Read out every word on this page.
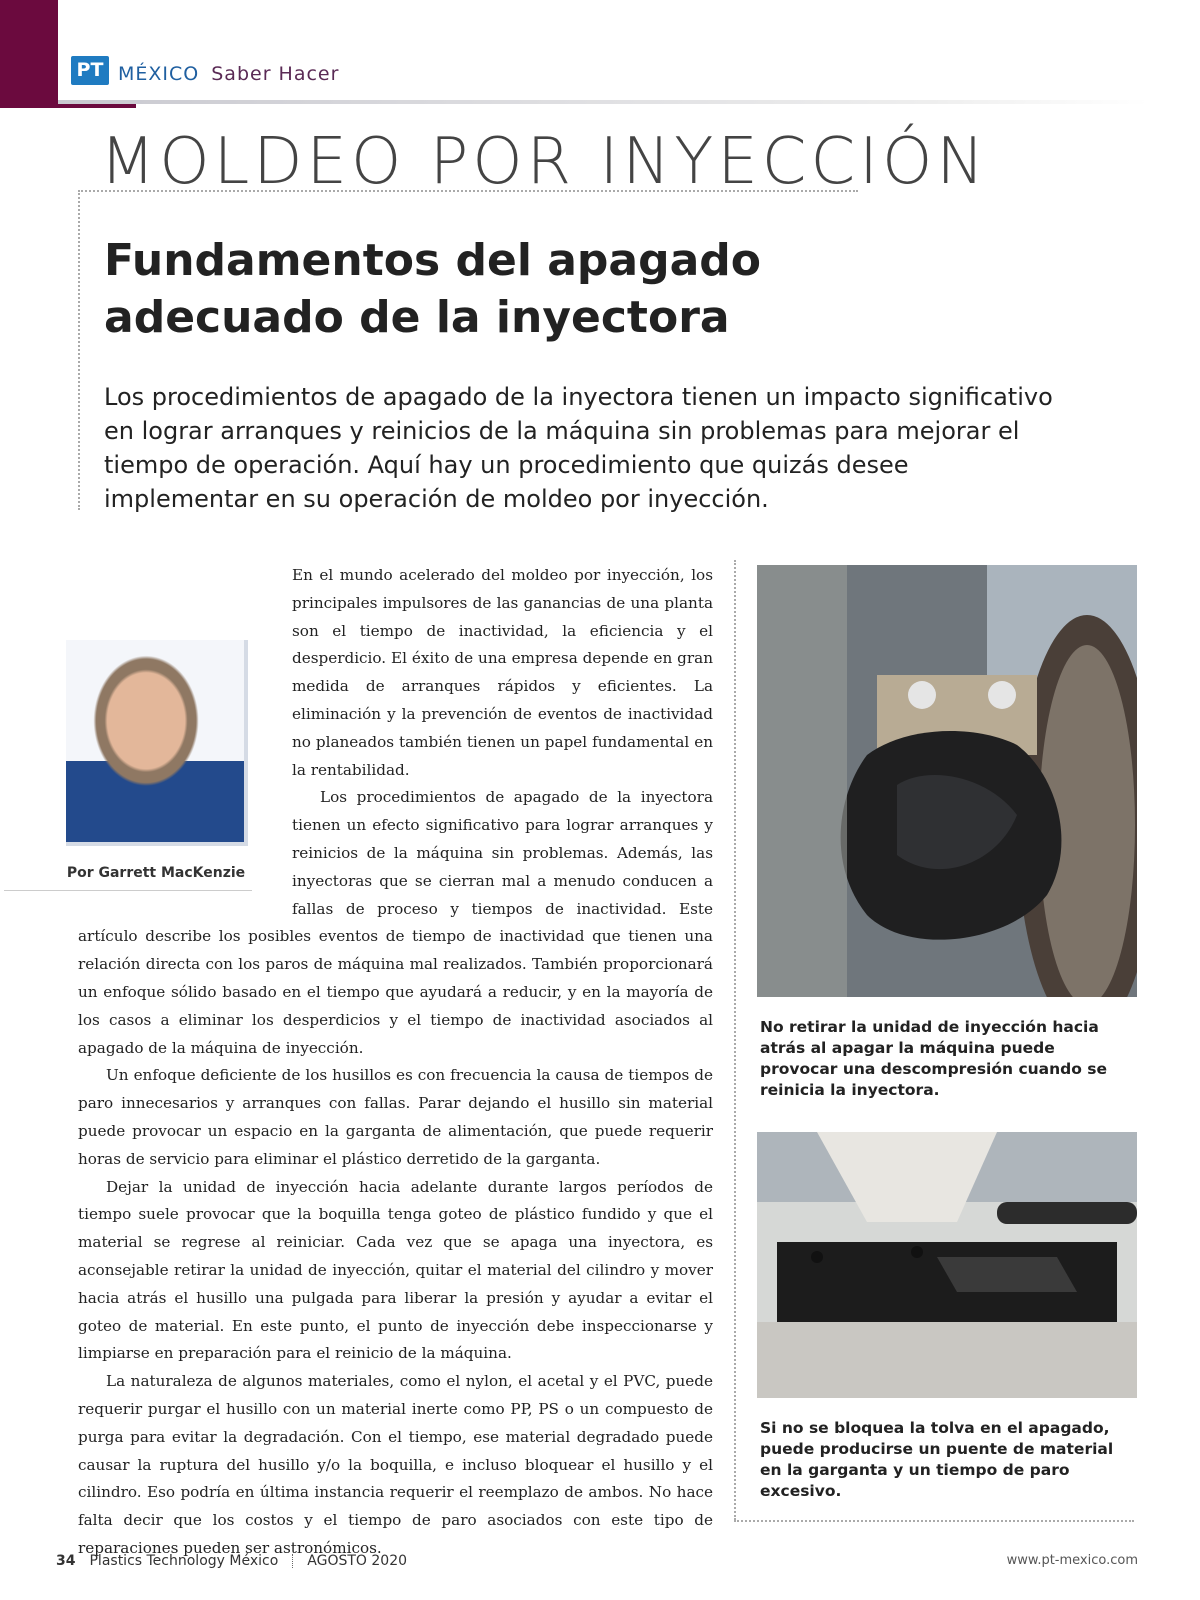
PT MÉXICO Saber Hacer
MOLDEO POR INYECCIÓN
Fundamentos del apagado adecuado de la inyectora
Los procedimientos de apagado de la inyectora tienen un impacto significativo en lograr arranques y reinicios de la máquina sin problemas para mejorar el tiempo de operación. Aquí hay un procedimiento que quizás desee implementar en su operación de moldeo por inyección.

Por Garrett MacKenzie
En el mundo acelerado del moldeo por inyección, los principales impulsores de las ganancias de una planta son el tiempo de inactividad, la eficiencia y el desperdicio. El éxito de una empresa depende en gran medida de arranques rápidos y eficientes. La eliminación y la prevención de eventos de inactividad no planeados también tienen un papel fundamental en la rentabilidad.

Los procedimientos de apagado de la inyectora tienen un efecto significativo para lograr arranques y reinicios de la máquina sin problemas. Además, las inyectoras que se cierran mal a menudo conducen a fallas de proceso y tiempos de inactividad. Este artículo describe los posibles eventos de tiempo de inactividad que tienen una relación directa con los paros de máquina mal realizados. También proporcionará un enfoque sólido basado en el tiempo que ayudará a reducir, y en la mayoría de los casos a eliminar los desperdicios y el tiempo de inactividad asociados al apagado de la máquina de inyección.

Un enfoque deficiente de los husillos es con frecuencia la causa de tiempos de paro innecesarios y arranques con fallas. Parar dejando el husillo sin material puede provocar un espacio en la garganta de alimentación, que puede requerir horas de servicio para eliminar el plástico derretido de la garganta.

Dejar la unidad de inyección hacia adelante durante largos períodos de tiempo suele provocar que la boquilla tenga goteo de plástico fundido y que el material se regrese al reiniciar. Cada vez que se apaga una inyectora, es aconsejable retirar la unidad de inyección, quitar el material del cilindro y mover hacia atrás el husillo una pulgada para liberar la presión y ayudar a evitar el goteo de material. En este punto, el punto de inyección debe inspeccionarse y limpiarse en preparación para el reinicio de la máquina.

La naturaleza de algunos materiales, como el nylon, el acetal y el PVC, puede requerir purgar el husillo con un material inerte como PP, PS o un compuesto de purga para evitar la degradación. Con el tiempo, ese material degradado puede causar la ruptura del husillo y/o la boquilla, e incluso bloquear el husillo y el cilindro. Eso podría en última instancia requerir el reemplazo de ambos. No hace falta decir que los costos y el tiempo de paro asociados con este tipo de reparaciones pueden ser astronómicos.

No retirar la unidad de inyección hacia atrás al apagar la máquina puede provocar una descompresión cuando se reinicia la inyectora.
Si no se bloquea la tolva en el apagado, puede producirse un puente de material en la garganta y un tiempo de paro excesivo.
34 Plastics Technology México AGOSTO 2020	www.pt-mexico.com
